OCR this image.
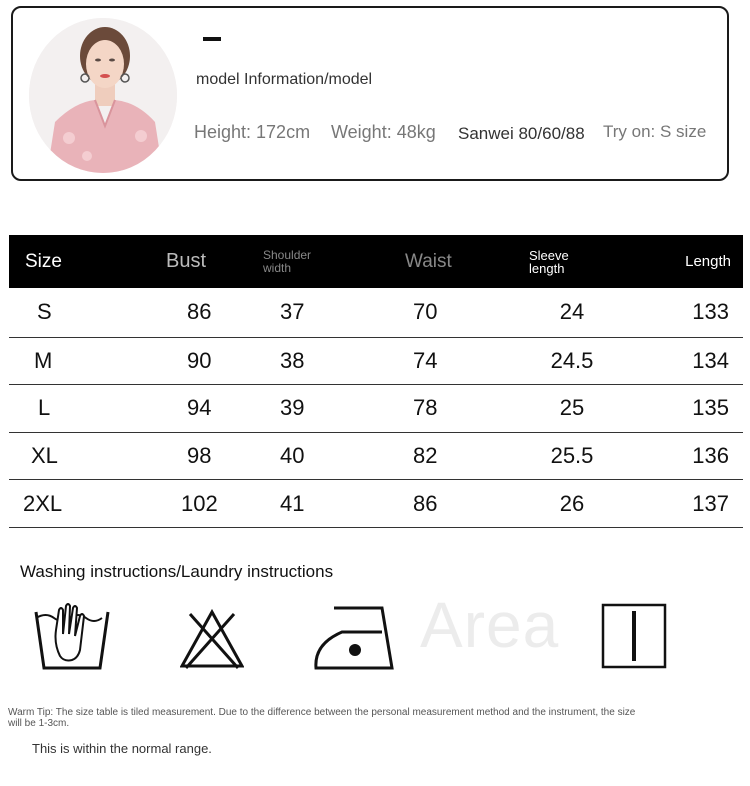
model Information/model
Height: 172cm Weight: 48kg Sanwei 80/60/88 Try on: S size
Size	Bust	Shoulder width	Waist	Sleeve length	Length
S	86	37	70	24	133
M	90	38	74	24.5	134
L	94	39	78	25	135
XL	98	40	82	25.5	136
2XL	102	41	86	26	137
Washing instructions/Laundry instructions
Area
Warm Tip: The size table is tiled measurement. Due to the difference between the personal measurement method and the instrument, the size will be 1-3cm.
This is within the normal range.
